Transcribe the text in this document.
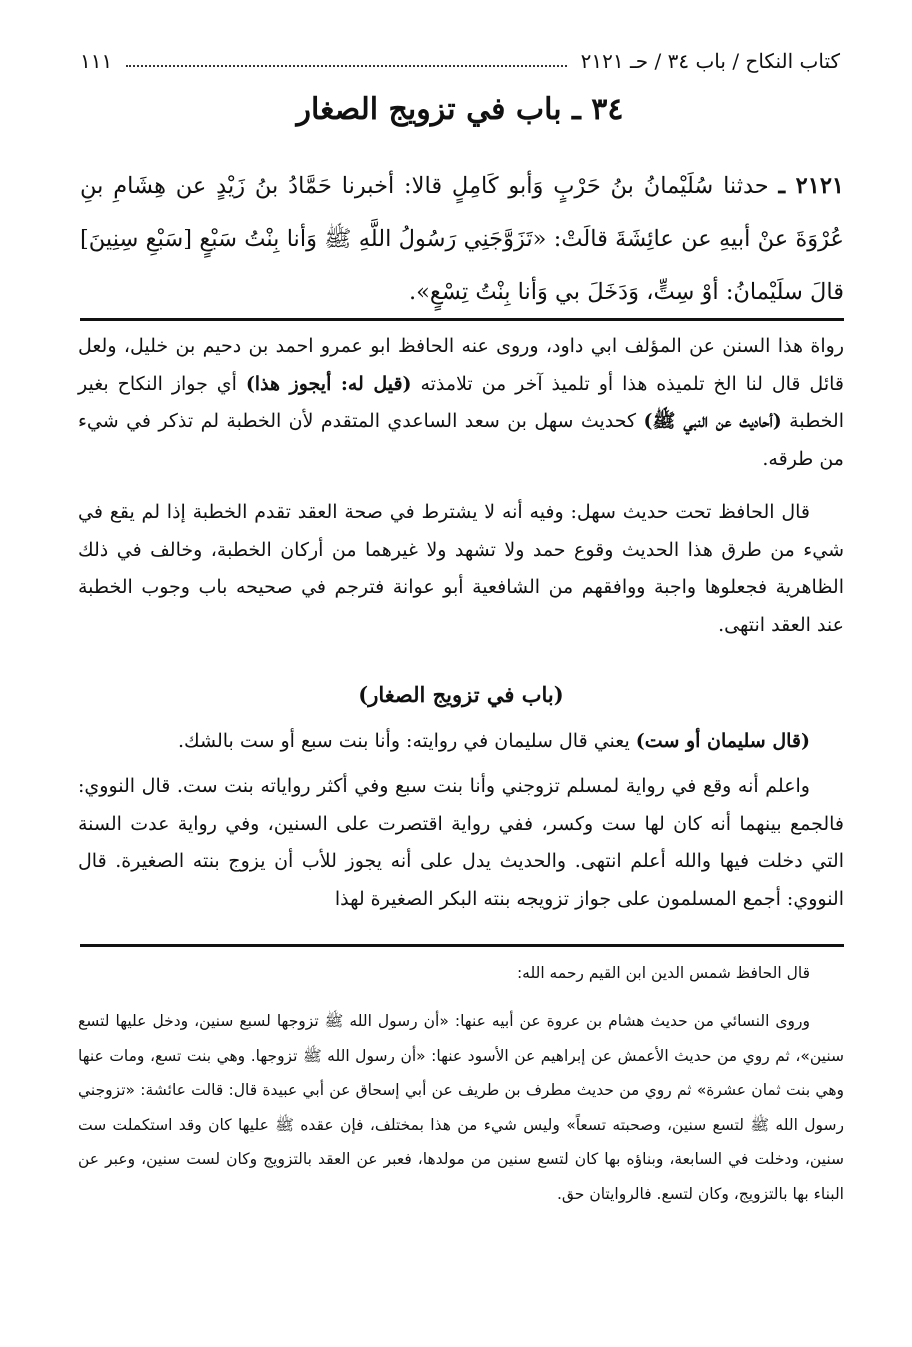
كتاب النكاح / باب ٣٤ / حـ ٢١٢١
١١١
٣٤ ـ باب في تزويج الصغار
٢١٢١ ـ حدثنا سُلَيْمانُ بنُ حَرْبٍ وَأبو كَامِلٍ قالا: أخبرنا حَمَّادُ بنُ زَيْدٍ عن هِشَامِ بنِ عُرْوَةَ عنْ أبيهِ عن عائِشَةَ قالَتْ: «تَزَوَّجَنِي رَسُولُ اللَّهِ ﷺ وَأنا بِنْتُ سَبْعٍ [سَبْعِ سِنِينَ] قالَ سلَيْمانُ: أوْ سِتٍّ، وَدَخَلَ بي وَأنا بِنْتُ تِسْعٍ».
رواة هذا السنن عن المؤلف ابي داود، وروى عنه الحافظ ابو عمرو احمد بن دحيم بن خليل، ولعل قائل قال لنا الخ تلميذه هذا أو تلميذ آخر من تلامذته (قيل له: أيجوز هذا) أي جواز النكاح بغير الخطبة (أحاديث عن النبي ﷺ) كحديث سهل بن سعد الساعدي المتقدم لأن الخطبة لم تذكر في شيء من طرقه.
قال الحافظ تحت حديث سهل: وفيه أنه لا يشترط في صحة العقد تقدم الخطبة إذا لم يقع في شيء من طرق هذا الحديث وقوع حمد ولا تشهد ولا غيرهما من أركان الخطبة، وخالف في ذلك الظاهرية فجعلوها واجبة ووافقهم من الشافعية أبو عوانة فترجم في صحيحه باب وجوب الخطبة عند العقد انتهى.
(باب في تزويج الصغار)
(قال سليمان أو ست) يعني قال سليمان في روايته: وأنا بنت سبع أو ست بالشك.
واعلم أنه وقع في رواية لمسلم تزوجني وأنا بنت سبع وفي أكثر رواياته بنت ست. قال النووي: فالجمع بينهما أنه كان لها ست وكسر، ففي رواية اقتصرت على السنين، وفي رواية عدت السنة التي دخلت فيها والله أعلم انتهى. والحديث يدل على أنه يجوز للأب أن يزوج بنته الصغيرة. قال النووي: أجمع المسلمون على جواز تزويجه بنته البكر الصغيرة لهذا
قال الحافظ شمس الدين ابن القيم رحمه الله:
وروى النسائي من حديث هشام بن عروة عن أبيه عنها: «أن رسول الله ﷺ تزوجها لسبع سنين، ودخل عليها لتسع سنين»، ثم روي من حديث الأعمش عن إبراهيم عن الأسود عنها: «أن رسول الله ﷺ تزوجها. وهي بنت تسع، ومات عنها وهي بنت ثمان عشرة» ثم روي من حديث مطرف بن طريف عن أبي إسحاق عن أبي عبيدة قال: قالت عائشة: «تزوجني رسول الله ﷺ لتسع سنين، وصحبته تسعاً» وليس شيء من هذا بمختلف، فإن عقده ﷺ عليها كان وقد استكملت ست سنين، ودخلت في السابعة، وبناؤه بها كان لتسع سنين من مولدها، فعبر عن العقد بالتزويج وكان لست سنين، وعبر عن البناء بها بالتزويج، وكان لتسع. فالروايتان حق.
